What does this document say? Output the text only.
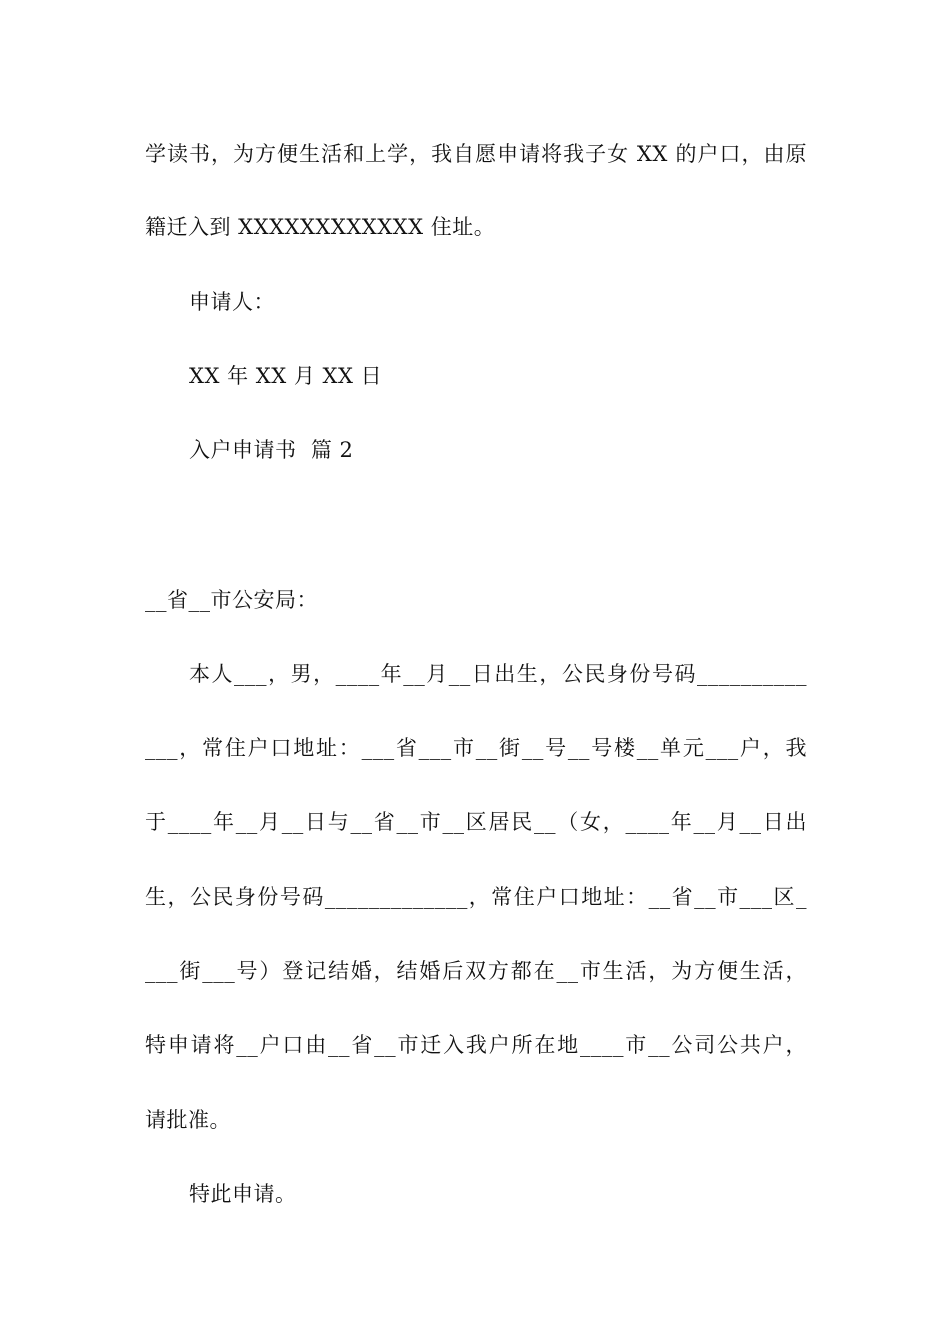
学读书，为方便生活和上学，我自愿申请将我子女 XX 的户口，由原
籍迁入到 XXXXXXXXXXXX 住址。
申请人：
XX 年 XX 月 XX 日
入户申请书  篇 2
__省__市公安局：
本人___，男，____年__月__日出生，公民身份号码__________
___，常住户口地址：___省___市__街__号__号楼__单元___户，我
于____年__月__日与__省__市__区居民__（女，____年__月__日出
生，公民身份号码_____________，常住户口地址：__省__市___区_
___街___号）登记结婚，结婚后双方都在__市生活，为方便生活，
特申请将__户口由__省__市迁入我户所在地____市__公司公共户，
请批准。
特此申请。
